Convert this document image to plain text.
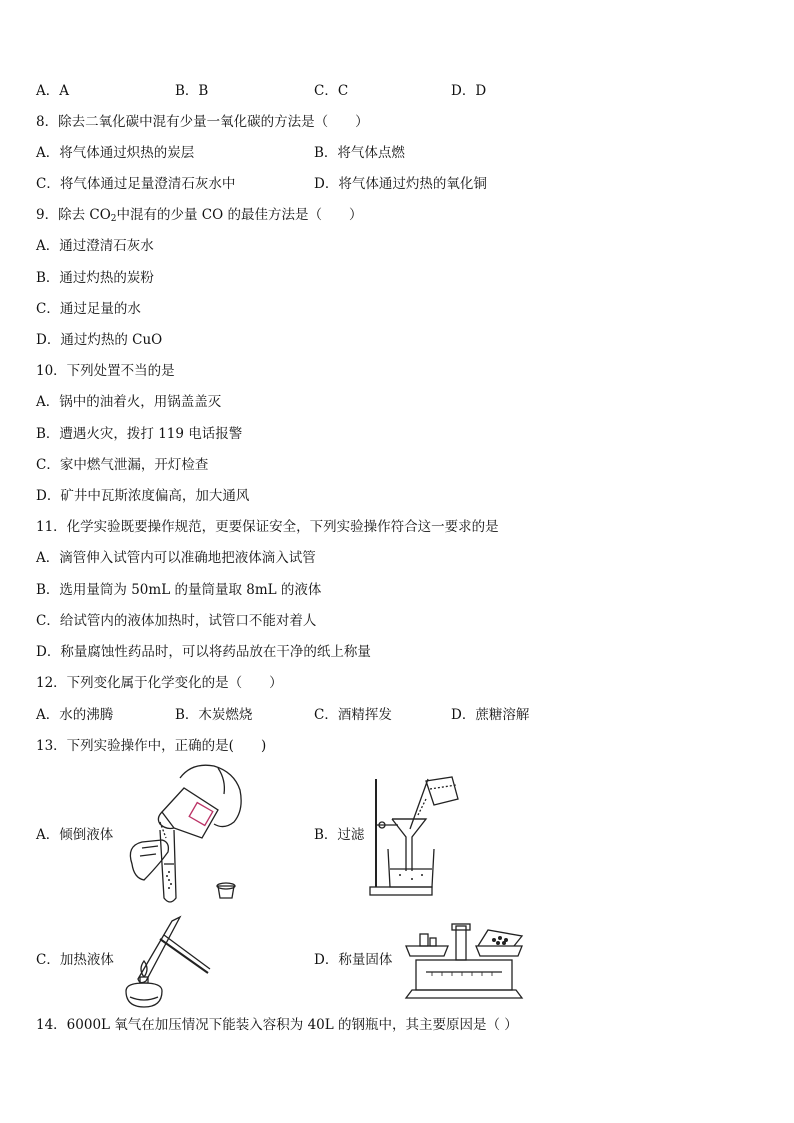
A．A	B．B	C．C	D．D
8．除去二氧化碳中混有少量一氧化碳的方法是（　　）
A．将气体通过炽热的炭层	B．将气体点燃
C．将气体通过足量澄清石灰水中	D．将气体通过灼热的氧化铜
9．除去 $CO_2$中混有的少量 CO 的最佳方法是（　　）
A．通过澄清石灰水
B．通过灼热的炭粉
C．通过足量的水
D．通过灼热的 CuO
10．下列处置不当的是
A．锅中的油着火，用锅盖盖灭
B．遭遇火灾，拨打 119 电话报警
C．家中燃气泄漏，开灯检查
D．矿井中瓦斯浓度偏高，加大通风
11．化学实验既要操作规范，更要保证安全，下列实验操作符合这一要求的是
A．滴管伸入试管内可以准确地把液体滴入试管
B．选用量筒为 50mL 的量筒量取 8mL 的液体
C．给试管内的液体加热时，试管口不能对着人
D．称量腐蚀性药品时，可以将药品放在干净的纸上称量
12．下列变化属于化学变化的是（　　）
A．水的沸腾	B．木炭燃烧	C．酒精挥发	D．蔗糖溶解
13．下列实验操作中，正确的是(　　)
A．倾倒液体	B．过滤
C．加热液体	D．称量固体
14．6000L 氧气在加压情况下能装入容积为 40L 的钢瓶中，其主要原因是（ ）
